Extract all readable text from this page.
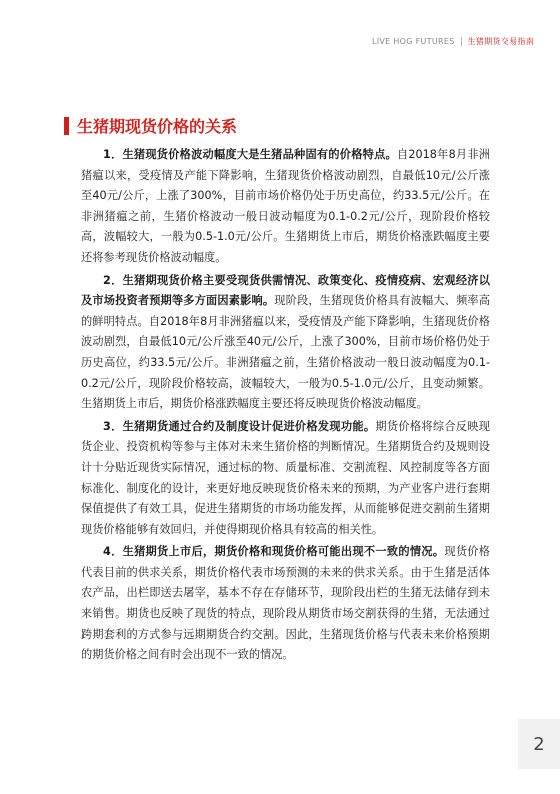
LIVE HOG FUTURES 生猪期货交易指南
生猪期现货价格的关系

1．生猪现货价格波动幅度大是生猪品种固有的价格特点。自2018年8月非洲猪瘟以来，受疫情及产能下降影响，生猪现货价格波动剧烈，自最低10元/公斤涨至40元/公斤，上涨了300%，目前市场价格仍处于历史高位，约33.5元/公斤。在非洲猪瘟之前，生猪价格波动一般日波动幅度为0.1-0.2元/公斤，现阶段价格较高，波幅较大，一般为0.5-1.0元/公斤。生猪期货上市后，期货价格涨跌幅度主要还将参考现货价格波动幅度。

2．生猪期现货价格主要受现货供需情况、政策变化、疫情疫病、宏观经济以及市场投资者预期等多方面因素影响。现阶段，生猪现货价格具有波幅大、频率高的鲜明特点。自2018年8月非洲猪瘟以来，受疫情及产能下降影响，生猪现货价格波动剧烈，自最低10元/公斤涨至40元/公斤，上涨了300%，目前市场价格仍处于历史高位，约33.5元/公斤。非洲猪瘟之前，生猪价格波动一般日波动幅度为0.1-0.2元/公斤，现阶段价格较高，波幅较大，一般为0.5-1.0元/公斤，且变动频繁。生猪期货上市后，期货价格涨跌幅度主要还将反映现货价格波动幅度。

3．生猪期货通过合约及制度设计促进价格发现功能。期货价格将综合反映现货企业、投资机构等参与主体对未来生猪价格的判断情况。生猪期货合约及规则设计十分贴近现货实际情况，通过标的物、质量标准、交割流程、风控制度等各方面标准化、制度化的设计，来更好地反映现货价格未来的预期，为产业客户进行套期保值提供了有效工具，促进生猪期货的市场功能发挥，从而能够促进交割前生猪期现货价格能够有效回归，并使得期现价格具有较高的相关性。

4．生猪期货上市后，期货价格和现货价格可能出现不一致的情况。现货价格代表目前的供求关系，期货价格代表市场预测的未来的供求关系。由于生猪是活体农产品，出栏即送去屠宰，基本不存在存储环节，现阶段出栏的生猪无法储存到未来销售。期货也反映了现货的特点，现阶段从期货市场交割获得的生猪，无法通过跨期套利的方式参与远期期货合约交割。因此，生猪现货价格与代表未来价格预期的期货价格之间有时会出现不一致的情况。

2
